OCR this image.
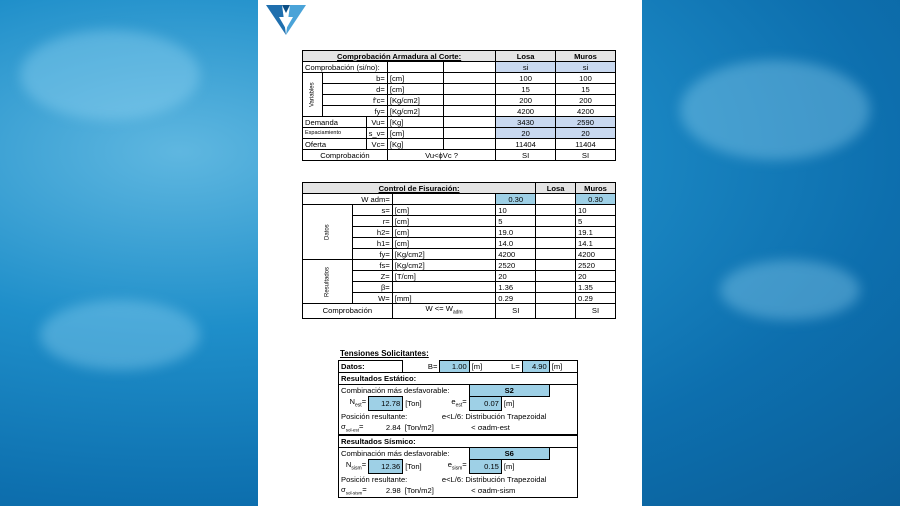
Comprobación Armadura al Corte:					Losa	Muros
Comprobación (si/no):					si	si
Variables	b=		[cm]		100	100
	d=		[cm]		15	15
	f'c=		[Kg/cm2]		200	200
	fy=		[Kg/cm2]		4200	4200
Demanda		Vu=	[Kg]		3430	2590
Espaciamiento		s_v=	[cm]		20	20
Oferta		Vc=	[Kg]		11404	11404
Comprobación			Vu<ϕVc ?		SI	SI
Control de Fisuración:				Losa	Muros
W adm=			0.30		0.30
Datos	s=	[cm]	10		10
	r=	[cm]	5		5
	h2=	[cm]	19.0		19.1
	h1=	[cm]	14.0		14.1
	fy=	[Kg/cm2]	4200		4200
Resultados	fs=	[Kg/cm2]	2520		2520
	Z=	[T/cm]	20		20
	β=		1.36		1.35
	W=	[mm]	0.29		0.29
Comprobación		$W <= W_{adm}$	SI		SI
Tensiones Solicitantes:
Datos:		B=	1.00	[m]	L=	4.90	[m]
Resultados Estático:							
Combinación más desfavorable:				S2			
$N_{est}=$	12.78	[Ton]	$e_{est}=$	0.07	[m]		
Posición resultante:			e<L/6: Distribución Trapezoidal				
$\sigma_{sol-est}=$	2.84	[Ton/m2]		< σadm-est			
Resultados Sísmico:							
Combinación más desfavorable:				S6			
$N_{sism}=$	12.36	[Ton]	$e_{sism}=$	0.15	[m]		
Posición resultante:			e<L/6: Distribución Trapezoidal				
$\sigma_{sol-sism}=$	2.98	[Ton/m2]		< σadm-sism			
